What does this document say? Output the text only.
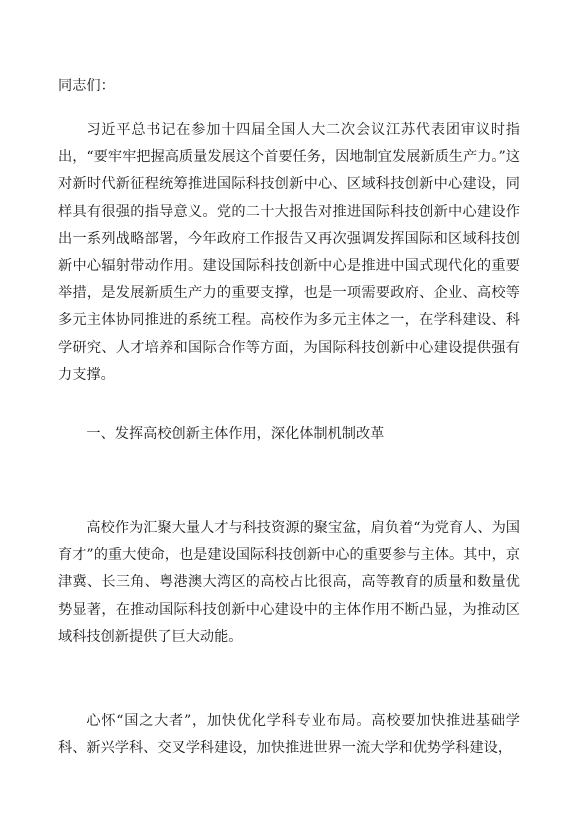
同志们：

习近平总书记在参加十四届全国人大二次会议江苏代表团审议时指出，“要牢牢把握高质量发展这个首要任务，因地制宜发展新质生产力。”这对新时代新征程统筹推进国际科技创新中心、区域科技创新中心建设，同样具有很强的指导意义。党的二十大报告对推进国际科技创新中心建设作出一系列战略部署，今年政府工作报告又再次强调发挥国际和区域科技创新中心辐射带动作用。建设国际科技创新中心是推进中国式现代化的重要举措，是发展新质生产力的重要支撑，也是一项需要政府、企业、高校等多元主体协同推进的系统工程。高校作为多元主体之一，在学科建设、科学研究、人才培养和国际合作等方面，为国际科技创新中心建设提供强有力支撑。

一、发挥高校创新主体作用，深化体制机制改革

高校作为汇聚大量人才与科技资源的聚宝盆，肩负着“为党育人、为国育才”的重大使命，也是建设国际科技创新中心的重要参与主体。其中，京津冀、长三角、粤港澳大湾区的高校占比很高，高等教育的质量和数量优势显著，在推动国际科技创新中心建设中的主体作用不断凸显，为推动区域科技创新提供了巨大动能。

心怀“国之大者”，加快优化学科专业布局。高校要加快推进基础学科、新兴学科、交叉学科建设，加快推进世界一流大学和优势学科建设，
